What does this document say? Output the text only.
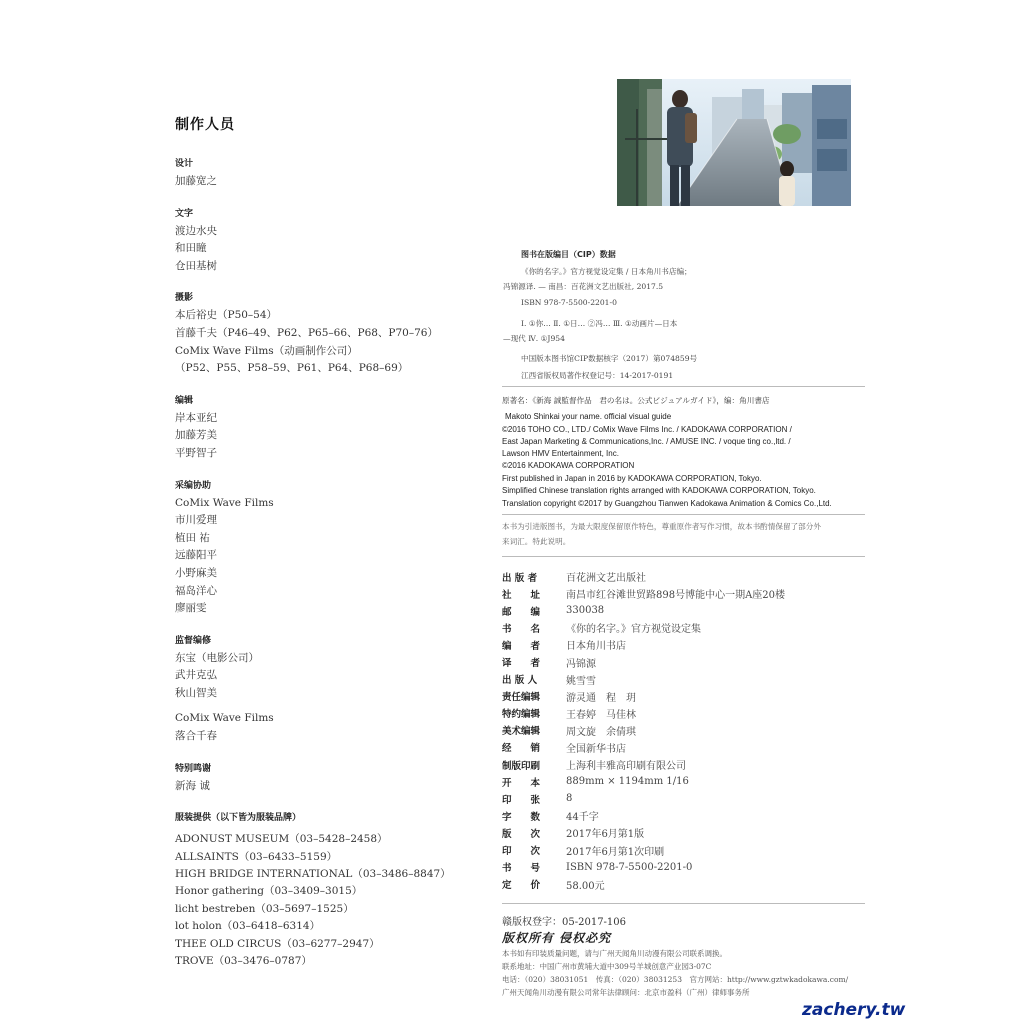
制作人员
设计
加藤宽之
文字
渡边水央
和田瞳
仓田基树
摄影
本后裕史（P50–54）
首藤千夫（P46–49、P62、P65–66、P68、P70–76）
CoMix Wave Films（动画制作公司）
（P52、P55、P58–59、P61、P64、P68–69）
编辑
岸本亚纪
加藤芳美
平野智子
采编协助
CoMix Wave Films
市川爱理
植田 祐
远藤阳平
小野麻美
福岛洋心
廖丽雯
监督编修
东宝（电影公司）
武井克弘
秋山智美
CoMix Wave Films
落合千春
特别鸣谢
新海 诚
服装提供（以下皆为服装品牌）
ADONUST MUSEUM（03–5428–2458）
ALLSAINTS（03–6433–5159）
HIGH BRIDGE INTERNATIONAL（03–3486–8847）
Honor gathering（03–3409–3015）
licht bestreben（03–5697–1525）
lot holon（03–6418–6314）
THEE OLD CIRCUS（03–6277–2947）
TROVE（03–3476–0787）
图书在版编目（CIP）数据
《你的名字。》官方视觉设定集 / 日本角川书店编；
冯锦源译. — 南昌：百花洲文艺出版社, 2017.5
ISBN 978-7-5500-2201-0
Ⅰ. ①你… Ⅱ. ①日… ②冯… Ⅲ. ①动画片—日本
—现代 Ⅳ. ①J954
中国版本图书馆CIP数据核字（2017）第074859号
江西省版权局著作权登记号：14-2017-0191
原著名：《新海 誠監督作品　君の名は。公式ビジュアルガイド》，编：角川書店
Makoto Shinkai your name. official visual guide
©2016 TOHO CO., LTD./ CoMix Wave Films Inc. / KADOKAWA CORPORATION /
East Japan Marketing & Communications,Inc. / AMUSE INC. / voque ting co.,ltd. /
Lawson HMV Entertainment, Inc.
©2016 KADOKAWA CORPORATION
First published in Japan in 2016 by KADOKAWA CORPORATION, Tokyo.
Simplified Chinese translation rights arranged with KADOKAWA CORPORATION, Tokyo.
Translation copyright ©2017 by Guangzhou Tianwen Kadokawa Animation & Comics Co.,Ltd.
本书为引进版图书，为最大限度保留原作特色，尊重原作者写作习惯，故本书酌情保留了部分外
来词汇。特此说明。
出 版 者	百花洲文艺出版社
社　　址	南昌市红谷滩世贸路898号博能中心一期A座20楼
邮　　编	330038
书　　名	《你的名字。》官方视觉设定集
编　　者	日本角川书店
译　　者	冯锦源
出 版 人	姚雪雪
责任编辑	游灵通　程　玥
特约编辑	王春婷　马佳林
美术编辑	周文旋　余倩琪
经　　销	全国新华书店
制版印刷	上海利丰雅高印刷有限公司
开　　本	889mm × 1194mm 1/16
印　　张	8
字　　数	44千字
版　　次	2017年6月第1版
印　　次	2017年6月第1次印刷
书　　号	ISBN 978-7-5500-2201-0
定　　价	58.00元
赣版权登字：05-2017-106
版权所有 侵权必究
本书如有印装质量问题，请与广州天闻角川动漫有限公司联系调换。
联系地址：中国广州市黄埔大道中309号羊城创意产业园3-07C
电话：（020）38031051　传真：（020）38031253　官方网站：http://www.gztwkadokawa.com/
广州天闻角川动漫有限公司常年法律顾问：北京市盈科（广州）律师事务所
zachery.tw
